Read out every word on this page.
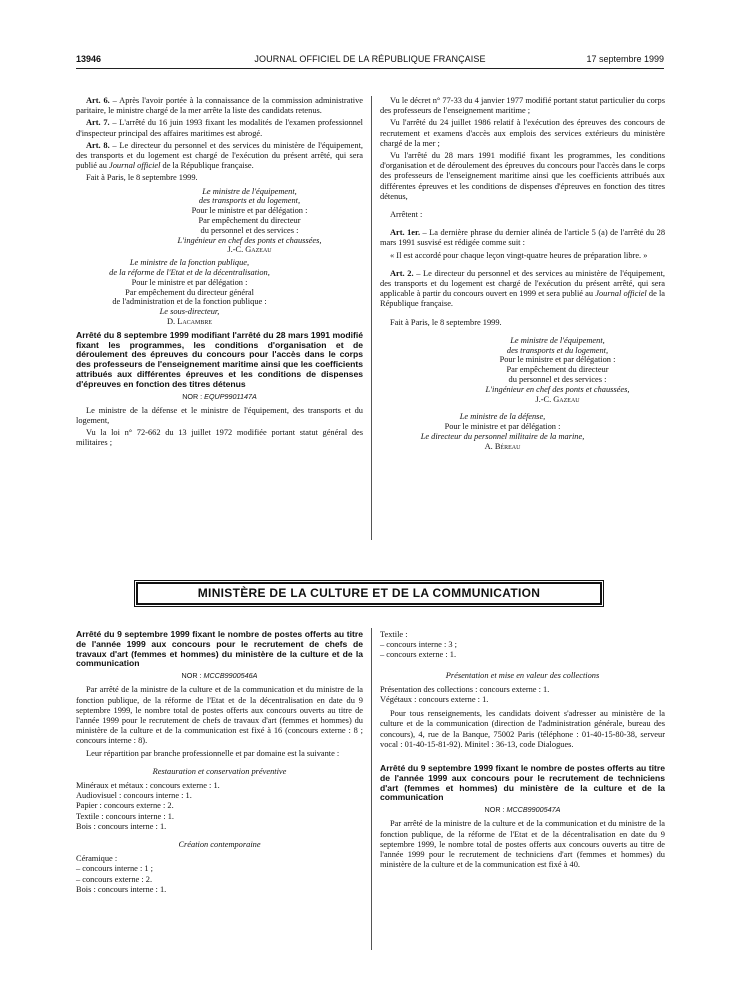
13946	JOURNAL OFFICIEL DE LA RÉPUBLIQUE FRANÇAISE	17 septembre 1999

Art. 6. – Après l'avoir portée à la connaissance de la commission administrative paritaire, le ministre chargé de la mer arrête la liste des candidats retenus.

Art. 7. – L'arrêté du 16 juin 1993 fixant les modalités de l'examen professionnel d'inspecteur principal des affaires maritimes est abrogé.

Art. 8. – Le directeur du personnel et des services du ministère de l'équipement, des transports et du logement est chargé de l'exécution du présent arrêté, qui sera publié au Journal officiel de la République française.

Fait à Paris, le 8 septembre 1999.

Le ministre de l'équipement,
des transports et du logement,
Pour le ministre et par délégation :
Par empêchement du directeur
du personnel et des services :
L'ingénieur en chef des ponts et chaussées,
J.-C. Gazeau
Le ministre de la fonction publique,
de la réforme de l'Etat et de la décentralisation,
Pour le ministre et par délégation :
Par empêchement du directeur général
de l'administration et de la fonction publique :
Le sous-directeur,
D. Lacambre
Arrêté du 8 septembre 1999 modifiant l'arrêté du 28 mars 1991 modifié fixant les programmes, les conditions d'organisation et de déroulement des épreuves du concours pour l'accès dans le corps des professeurs de l'enseignement maritime ainsi que les coefficients attribués aux différentes épreuves et les conditions de dispenses d'épreuves en fonction des titres détenus
NOR : EQUP9901147A

Le ministre de la défense et le ministre de l'équipement, des transports et du logement,

Vu la loi n° 72-662 du 13 juillet 1972 modifiée portant statut général des militaires ;

Vu le décret n° 77-33 du 4 janvier 1977 modifié portant statut particulier du corps des professeurs de l'enseignement maritime ;

Vu l'arrêté du 24 juillet 1986 relatif à l'exécution des épreuves des concours de recrutement et examens d'accès aux emplois des services extérieurs du ministère chargé de la mer ;

Vu l'arrêté du 28 mars 1991 modifié fixant les programmes, les conditions d'organisation et de déroulement des épreuves du concours pour l'accès dans le corps des professeurs de l'enseignement maritime ainsi que les coefficients attribués aux différentes épreuves et les conditions de dispenses d'épreuves en fonction des titres détenus,

Arrêtent :

Art. 1er. – La dernière phrase du dernier alinéa de l'article 5 (a) de l'arrêté du 28 mars 1991 susvisé est rédigée comme suit :

« Il est accordé pour chaque leçon vingt-quatre heures de préparation libre. »

Art. 2. – Le directeur du personnel et des services au ministère de l'équipement, des transports et du logement est chargé de l'exécution du présent arrêté, qui sera applicable à partir du concours ouvert en 1999 et sera publié au Journal officiel de la République française.

Fait à Paris, le 8 septembre 1999.

Le ministre de l'équipement,
des transports et du logement,
Pour le ministre et par délégation :
Par empêchement du directeur
du personnel et des services :
L'ingénieur en chef des ponts et chaussées,
J.-C. Gazeau
Le ministre de la défense,
Pour le ministre et par délégation :
Le directeur du personnel militaire de la marine,
A. Béreau
MINISTÈRE DE LA CULTURE ET DE LA COMMUNICATION
Arrêté du 9 septembre 1999 fixant le nombre de postes offerts au titre de l'année 1999 aux concours pour le recrutement de chefs de travaux d'art (femmes et hommes) du ministère de la culture et de la communication
NOR : MCCB9900546A

Par arrêté de la ministre de la culture et de la communication et du ministre de la fonction publique, de la réforme de l'Etat et de la décentralisation en date du 9 septembre 1999, le nombre total de postes offerts aux concours ouverts au titre de l'année 1999 pour le recrutement de chefs de travaux d'art (femmes et hommes) du ministère de la culture et de la communication est fixé à 16 (concours externe : 8 ; concours interne : 8).

Leur répartition par branche professionnelle et par domaine est la suivante :

Restauration et conservation préventive
Minéraux et métaux : concours externe : 1.
Audiovisuel : concours interne : 1.
Papier : concours externe : 2.
Textile : concours interne : 1.
Bois : concours interne : 1.
Création contemporaine
Céramique :
– concours interne : 1 ;
– concours externe : 2.
Bois : concours interne : 1.
Textile :
– concours interne : 3 ;
– concours externe : 1.
Présentation et mise en valeur des collections
Présentation des collections : concours externe : 1.
Végétaux : concours externe : 1.

Pour tous renseignements, les candidats doivent s'adresser au ministère de la culture et de la communication (direction de l'administration générale, bureau des concours), 4, rue de la Banque, 75002 Paris (téléphone : 01-40-15-80-38, serveur vocal : 01-40-15-81-92). Minitel : 36-13, code Dialogues.

Arrêté du 9 septembre 1999 fixant le nombre de postes offerts au titre de l'année 1999 aux concours pour le recrutement de techniciens d'art (femmes et hommes) du ministère de la culture et de la communication
NOR : MCCB9900547A

Par arrêté de la ministre de la culture et de la communication et du ministre de la fonction publique, de la réforme de l'Etat et de la décentralisation en date du 9 septembre 1999, le nombre total de postes offerts aux concours ouverts au titre de l'année 1999 pour le recrutement de techniciens d'art (femmes et hommes) du ministère de la culture et de la communication est fixé à 40.
